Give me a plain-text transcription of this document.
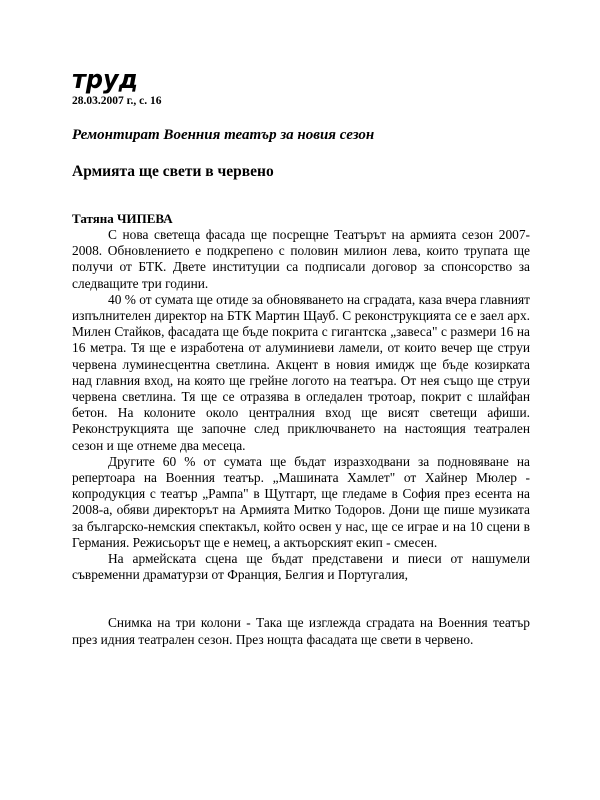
труд
28.03.2007 г., с. 16
Ремонтират Военния театър за новия сезон
Армията ще свети в червено
Татяна ЧИПЕВА

С нова светеща фасада ще посрещне Театърът на армията сезон 2007-2008. Обновлението е подкрепено с половин милион лева, които трупата ще получи от БТК. Двете институции са подписали договор за спонсорство за следващите три години.

40 % от сумата ще отиде за обновяването на сградата, каза вчера главният изпълнителен директор на БТК Мартин Щауб. С реконструкцията се е заел арх. Милен Стайков, фасадата ще бъде покрита с гигантска „завеса" с размери 16 на 16 метра. Тя ще е изработена от алуминиеви ламели, от които вечер ще струи червена луминесцентна светлина. Акцент в новия имидж ще бъде козирката над главния вход, на която ще грейне логото на театъра. От нея също ще струи червена светлина. Тя ще се отразява в огледален тротоар, покрит с шлайфан бетон. На колоните около централния вход ще висят светещи афиши. Реконструкцията ще започне след приключването на настоящия театрален сезон и ще отнеме два месеца.

Другите 60 % от сумата ще бъдат изразходвани за подновяване на репертоара на Военния театър. „Машината Хамлет" от Хайнер Мюлер - копродукция с театър „Рампа" в Щутгарт, ще гледаме в София през есента на 2008-а, обяви директорът на Армията Митко Тодоров. Дони ще пише музиката за българско-немския спектакъл, който освен у нас, ще се играе и на 10 сцени в Германия. Режисьорът ще е немец, а актьорският екип - смесен.

На армейската сцена ще бъдат представени и пиеси от нашумели съвременни драматурзи от Франция, Белгия и Португалия,

Снимка на три колони - Така ще изглежда сградата на Военния театър през идния театрален сезон. През нощта фасадата ще свети в червено.
